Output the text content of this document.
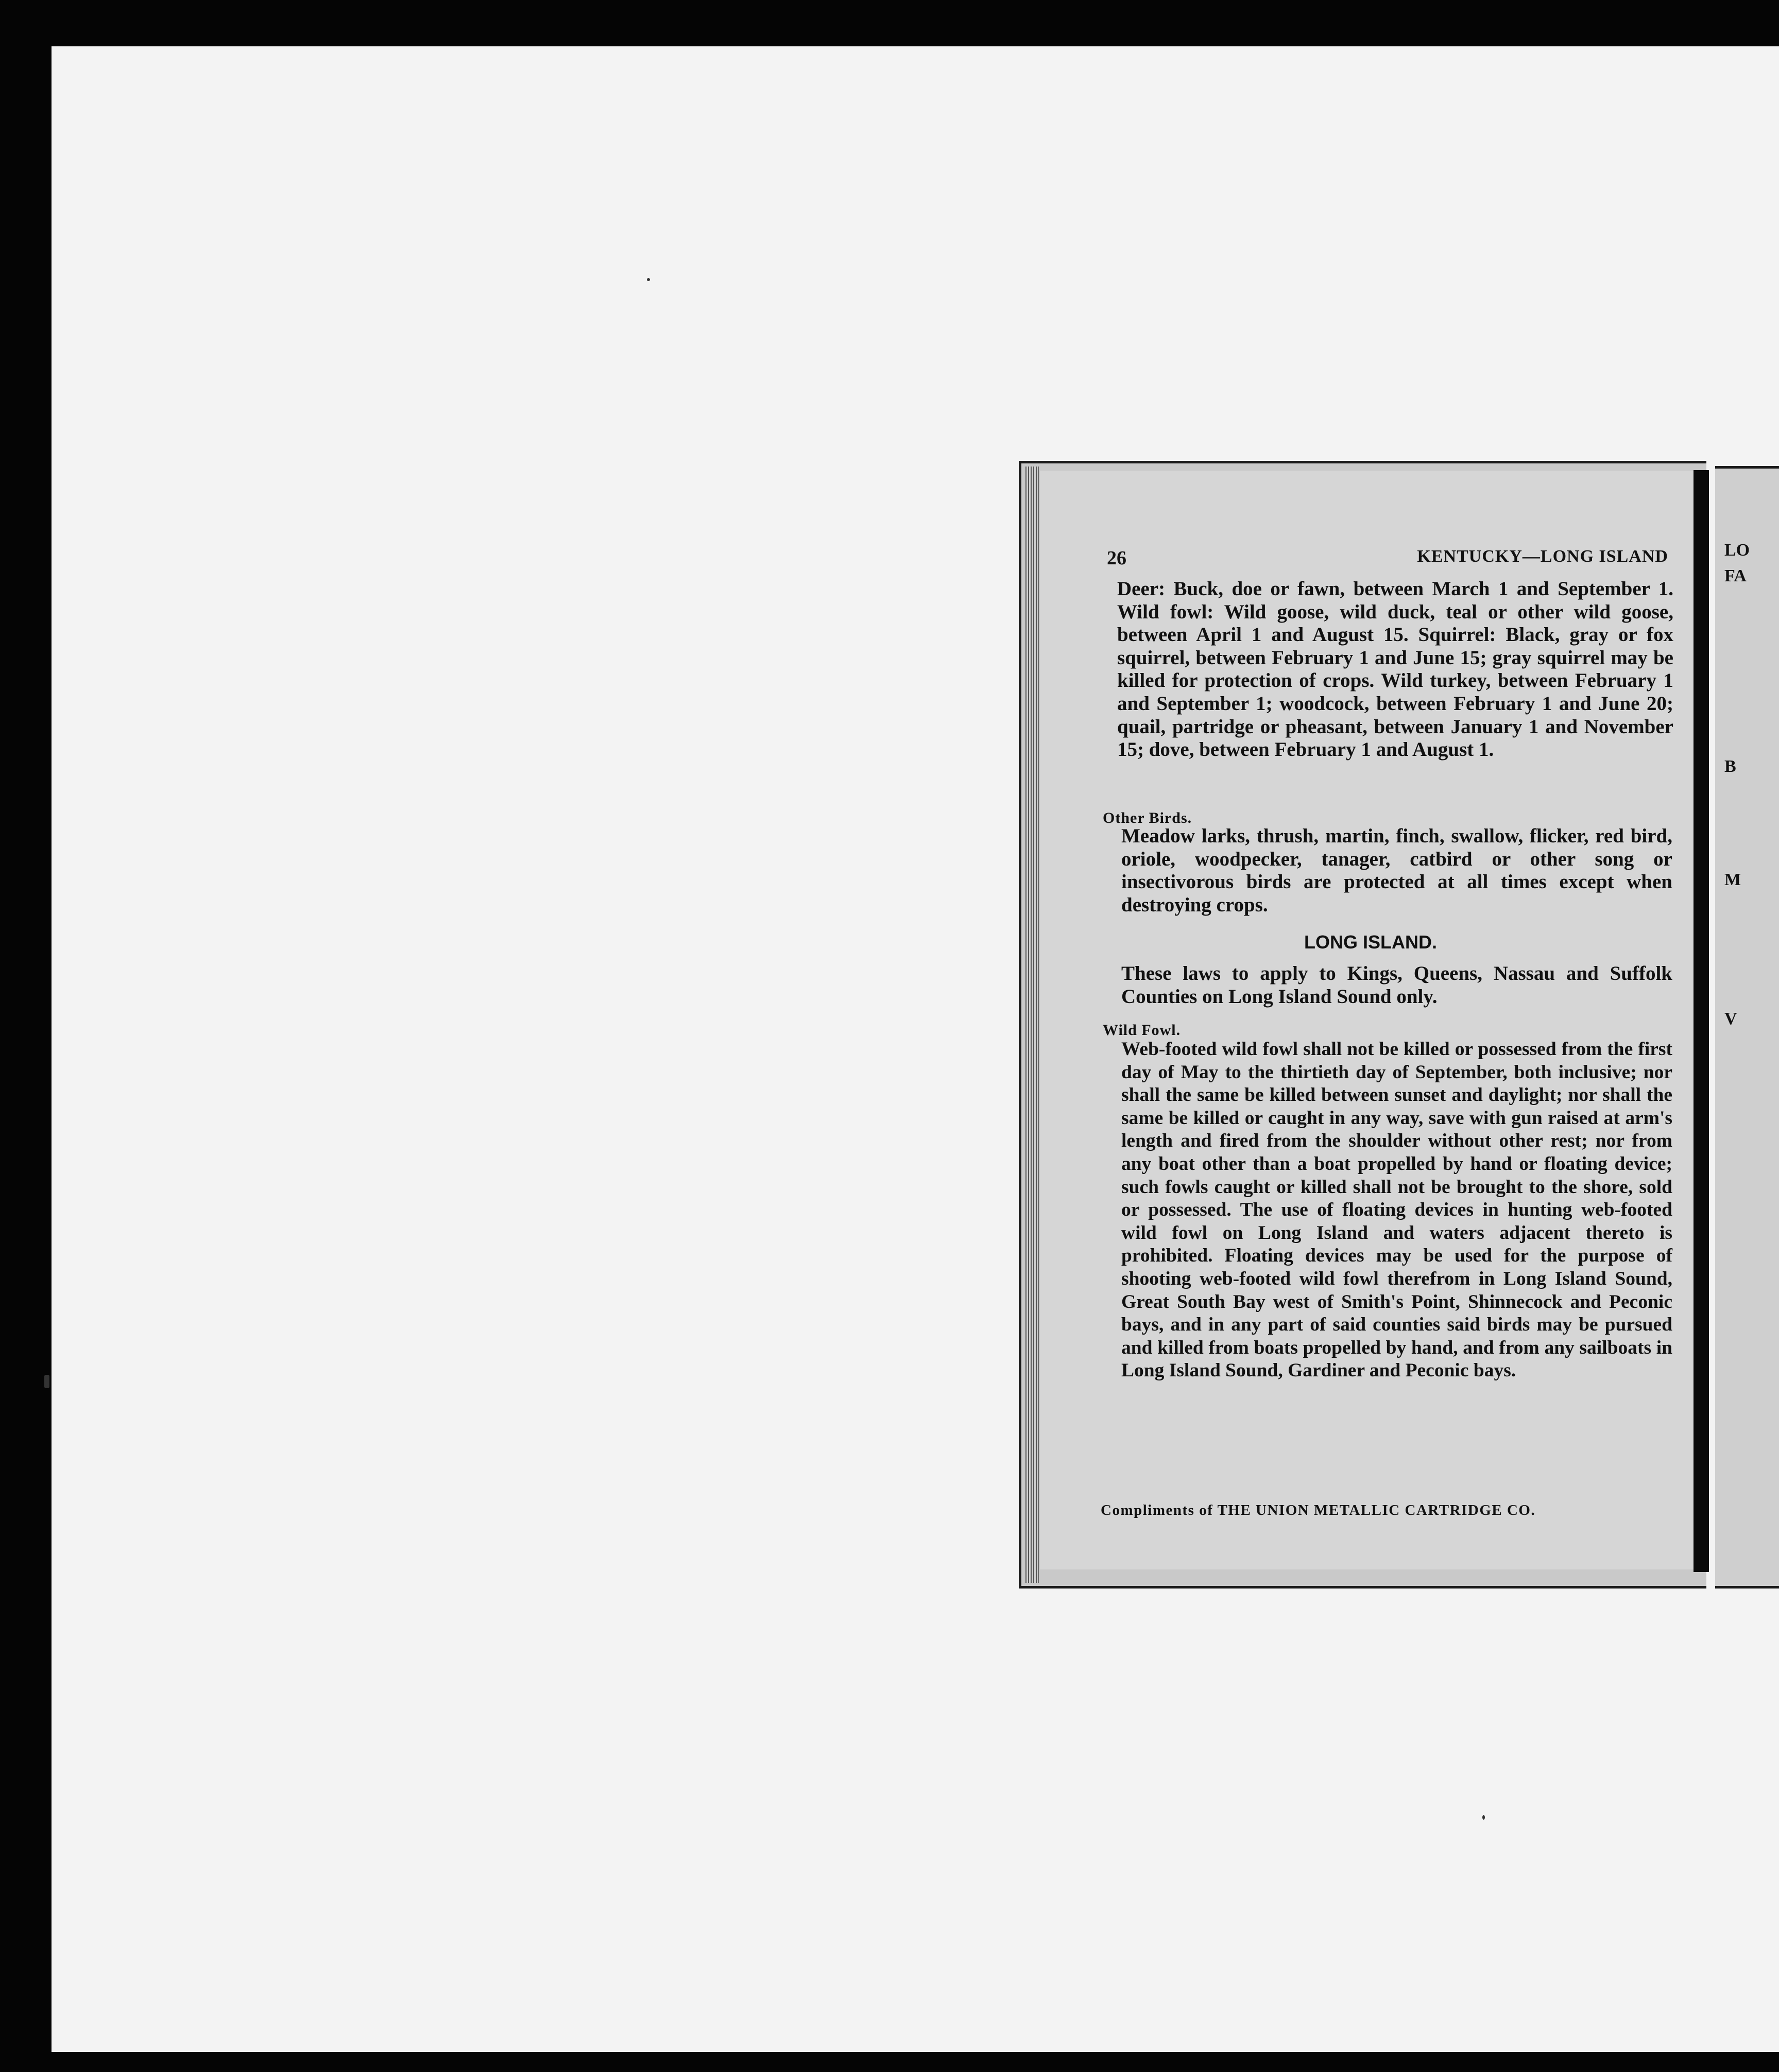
26	KENTUCKY—LONG ISLAND

Deer: Buck, doe or fawn, between March 1 and September 1. Wild fowl: Wild goose, wild duck, teal or other wild goose, between April 1 and August 15. Squirrel: Black, gray or fox squirrel, between February 1 and June 15; gray squirrel may be killed for protection of crops. Wild turkey, between February 1 and September 1; woodcock, between February 1 and June 20; quail, partridge or pheasant, between January 1 and November 15; dove, between February 1 and August 1.

Other Birds.

Meadow larks, thrush, martin, finch, swallow, flicker, red bird, oriole, woodpecker, tanager, catbird or other song or insectivorous birds are protected at all times except when destroying crops.

LONG ISLAND.

These laws to apply to Kings, Queens, Nassau and Suffolk Counties on Long Island Sound only.

Wild Fowl.

Web-footed wild fowl shall not be killed or possessed from the first day of May to the thirtieth day of September, both inclusive; nor shall the same be killed between sunset and daylight; nor shall the same be killed or caught in any way, save with gun raised at arm's length and fired from the shoulder without other rest; nor from any boat other than a boat propelled by hand or floating device; such fowls caught or killed shall not be brought to the shore, sold or possessed. The use of floating devices in hunting web-footed wild fowl on Long Island and waters adjacent thereto is prohibited. Floating devices may be used for the purpose of shooting web-footed wild fowl therefrom in Long Island Sound, Great South Bay west of Smith's Point, Shinnecock and Peconic bays, and in any part of said counties said birds may be pursued and killed from boats propelled by hand, and from any sailboats in Long Island Sound, Gardiner and Peconic bays.

Compliments of THE UNION METALLIC CARTRIDGE CO.
LO
FA
B
M
V
